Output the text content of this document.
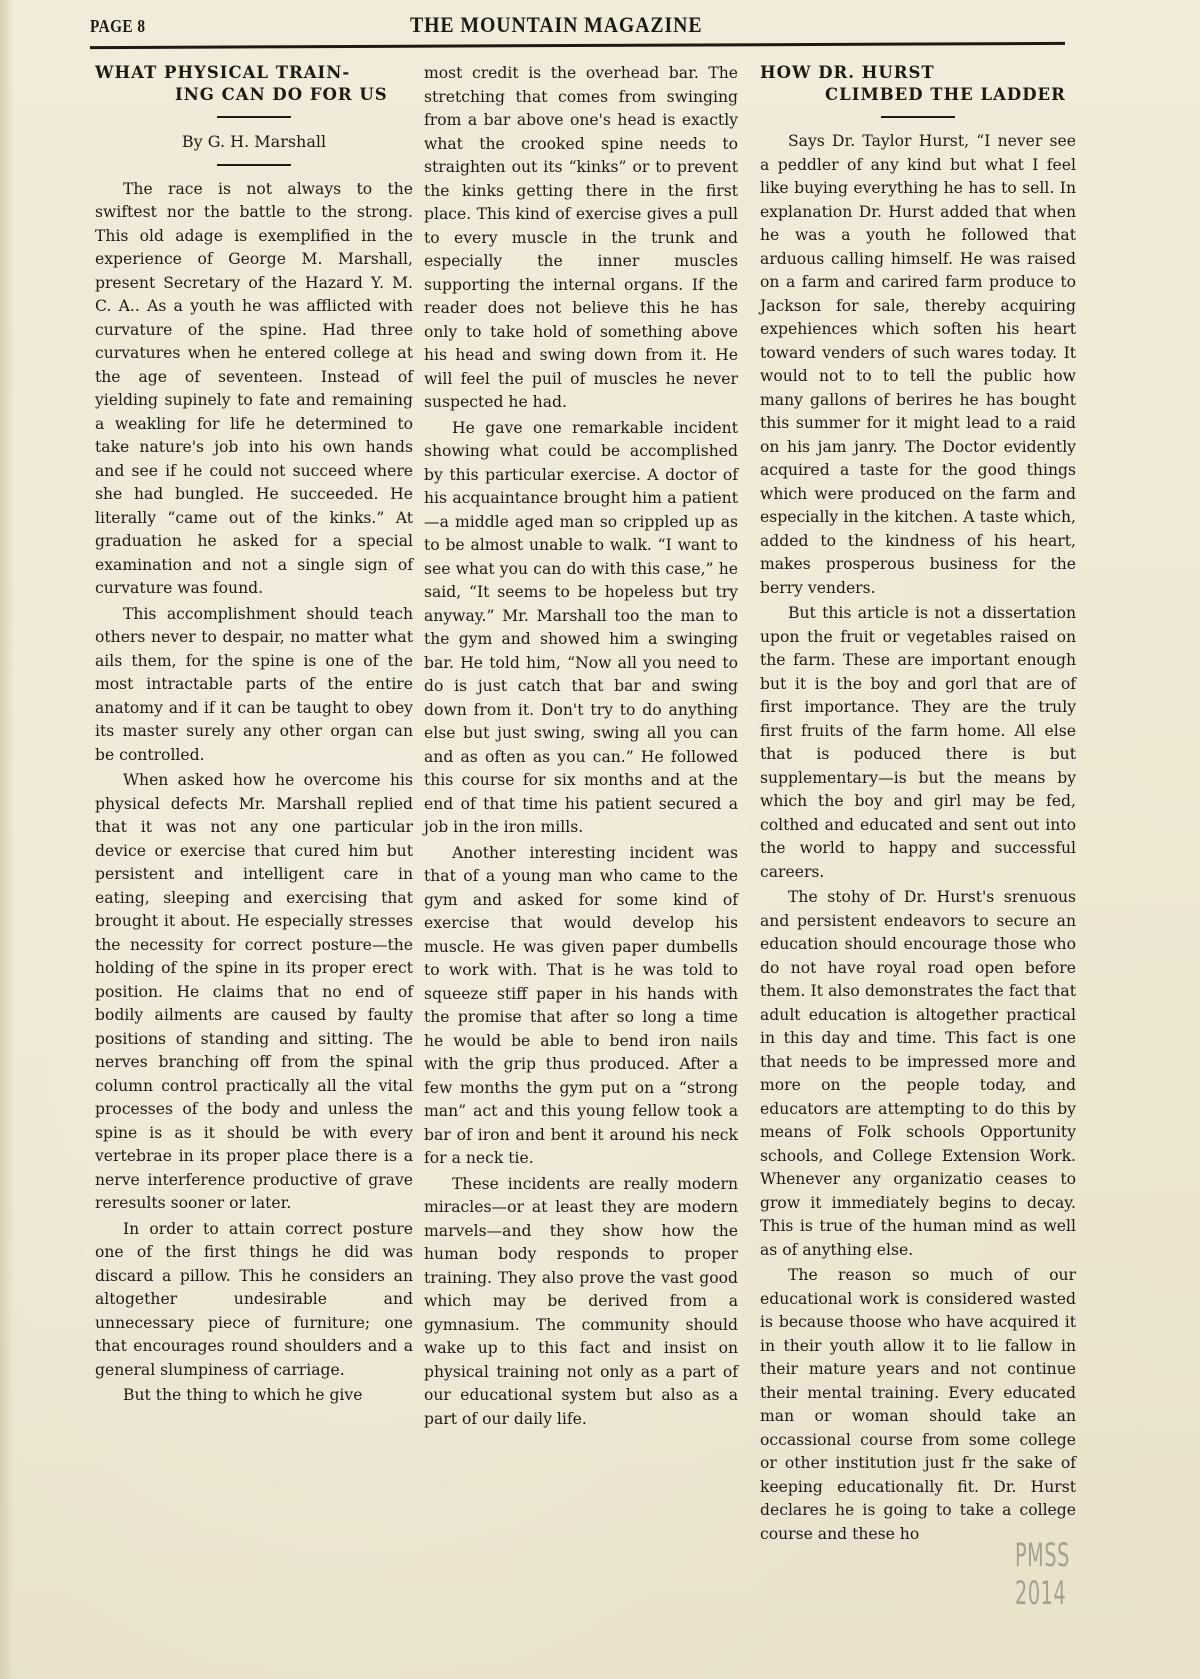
PAGE 8	THE MOUNTAIN MAGAZINE
WHAT PHYSICAL TRAIN-
ING CAN DO FOR US
By G. H. Marshall

The race is not always to the swiftest nor the battle to the strong. This old adage is exemplified in the experience of George M. Marshall, present Secretary of the Hazard Y. M. C. A.. As a youth he was afflicted with curvature of the spine. Had three curvatures when he entered college at the age of seventeen. Instead of yielding supinely to fate and remaining a weakling for life he determined to take nature's job into his own hands and see if he could not succeed where she had bungled. He succeeded. He literally “came out of the kinks.” At graduation he asked for a special examination and not a single sign of curvature was found.

This accomplishment should teach others never to despair, no matter what ails them, for the spine is one of the most intractable parts of the entire anatomy and if it can be taught to obey its master surely any other organ can be controlled.

When asked how he overcome his physical defects Mr. Marshall replied that it was not any one particular device or exercise that cured him but persistent and intelligent care in eating, sleeping and exercising that brought it about. He especially stresses the necessity for correct posture—the holding of the spine in its proper erect position. He claims that no end of bodily ailments are caused by faulty positions of standing and sitting. The nerves branching off from the spinal column control practically all the vital processes of the body and unless the spine is as it should be with every vertebrae in its proper place there is a nerve interference productive of grave reresults sooner or later.

In order to attain correct posture one of the first things he did was discard a pillow. This he considers an altogether undesirable and unnecessary piece of furniture; one that encourages round shoulders and a general slumpiness of carriage.

But the thing to which he give

most credit is the overhead bar. The stretching that comes from swinging from a bar above one's head is exactly what the crooked spine needs to straighten out its “kinks” or to prevent the kinks getting there in the first place. This kind of exercise gives a pull to every muscle in the trunk and especially the inner muscles supporting the internal organs. If the reader does not believe this he has only to take hold of something above his head and swing down from it. He will feel the puil of muscles he never suspected he had.

He gave one remarkable incident showing what could be accomplished by this particular exercise. A doctor of his acquaintance brought him a patient—a middle aged man so crippled up as to be almost unable to walk. “I want to see what you can do with this case,” he said, “It seems to be hopeless but try anyway.” Mr. Marshall too the man to the gym and showed him a swinging bar. He told him, “Now all you need to do is just catch that bar and swing down from it. Don't try to do anything else but just swing, swing all you can and as often as you can.” He followed this course for six months and at the end of that time his patient secured a job in the iron mills.

Another interesting incident was that of a young man who came to the gym and asked for some kind of exercise that would develop his muscle. He was given paper dumbells to work with. That is he was told to squeeze stiff paper in his hands with the promise that after so long a time he would be able to bend iron nails with the grip thus produced. After a few months the gym put on a “strong man” act and this young fellow took a bar of iron and bent it around his neck for a neck tie.

These incidents are really modern miracles—or at least they are modern marvels—and they show how the human body responds to proper training. They also prove the vast good which may be derived from a gymnasium. The community should wake up to this fact and insist on physical training not only as a part of our educational system but also as a part of our daily life.

HOW DR. HURST
CLIMBED THE LADDER

Says Dr. Taylor Hurst, “I never see a peddler of any kind but what I feel like buying everything he has to sell. In explanation Dr. Hurst added that when he was a youth he followed that arduous calling himself. He was raised on a farm and carired farm produce to Jackson for sale, thereby acquiring expehiences which soften his heart toward venders of such wares today. It would not to to tell the public how many gallons of berires he has bought this summer for it might lead to a raid on his jam janry. The Doctor evidently acquired a taste for the good things which were produced on the farm and especially in the kitchen. A taste which, added to the kindness of his heart, makes prosperous business for the berry venders.

But this article is not a dissertation upon the fruit or vegetables raised on the farm. These are important enough but it is the boy and gorl that are of first importance. They are the truly first fruits of the farm home. All else that is poduced there is but supplementary—is but the means by which the boy and girl may be fed, colthed and educated and sent out into the world to happy and successful careers.

The stohy of Dr. Hurst's srenuous and persistent endeavors to secure an education should encourage those who do not have royal road open before them. It also demonstrates the fact that adult education is altogether practical in this day and time. This fact is one that needs to be impressed more and more on the people today, and educators are attempting to do this by means of Folk schools Opportunity schools, and College Extension Work. Whenever any organizatio ceases to grow it immediately begins to decay. This is true of the human mind as well as of anything else.

The reason so much of our educational work is considered wasted is because thoose who have acquired it in their youth allow it to lie fallow in their mature years and not continue their mental training. Every educated man or woman should take an occassional course from some college or other institution just fr the sake of keeping educationally fit. Dr. Hurst declares he is going to take a college course and these ho

PMSS 2014
